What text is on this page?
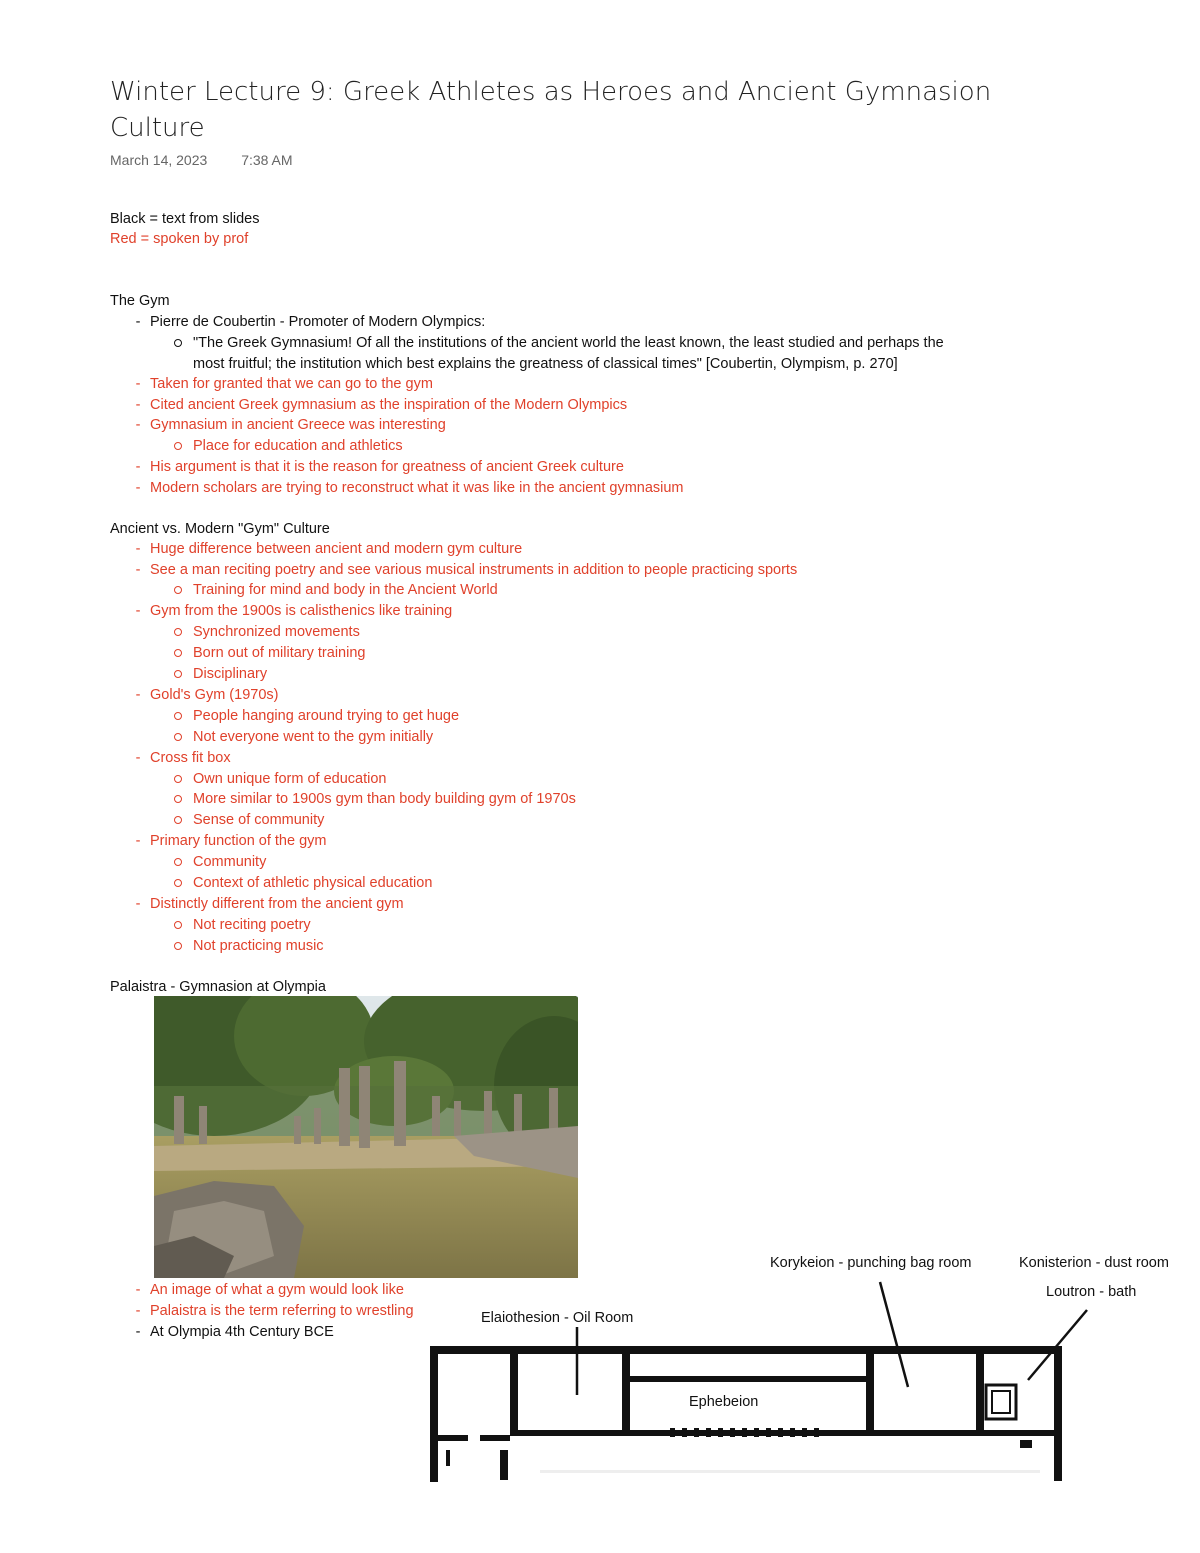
Winter Lecture 9: Greek Athletes as Heroes and Ancient Gymnasion Culture
March 14, 2023 7:38 AM
Black = text from slides
Red = spoken by prof
The Gym
- Pierre de Coubertin - Promoter of Modern Olympics:
"The Greek Gymnasium! Of all the institutions of the ancient world the least known, the least studied and perhaps the
most fruitful; the institution which best explains the greatness of classical times" [Coubertin, Olympism, p. 270]
- Taken for granted that we can go to the gym
- Cited ancient Greek gymnasium as the inspiration of the Modern Olympics
- Gymnasium in ancient Greece was interesting
Place for education and athletics
- His argument is that it is the reason for greatness of ancient Greek culture
- Modern scholars are trying to reconstruct what it was like in the ancient gymnasium
Ancient vs. Modern "Gym" Culture
- Huge difference between ancient and modern gym culture
- See a man reciting poetry and see various musical instruments in addition to people practicing sports
Training for mind and body in the Ancient World
- Gym from the 1900s is calisthenics like training
Synchronized movements
Born out of military training
Disciplinary
- Gold's Gym (1970s)
People hanging around trying to get huge
Not everyone went to the gym initially
- Cross fit box
Own unique form of education
More similar to 1900s gym than body building gym of 1970s
Sense of community
- Primary function of the gym
Community
Context of athletic physical education
- Distinctly different from the ancient gym
Not reciting poetry
Not practicing music
Palaistra - Gymnasion at Olympia
- An image of what a gym would look like
- Palaistra is the term referring to wrestling
- At Olympia 4th Century BCE
Korykeion - punching bag room	Konisterion - dust room
Loutron - bath
Elaiothesion - Oil Room
Ephebeion
